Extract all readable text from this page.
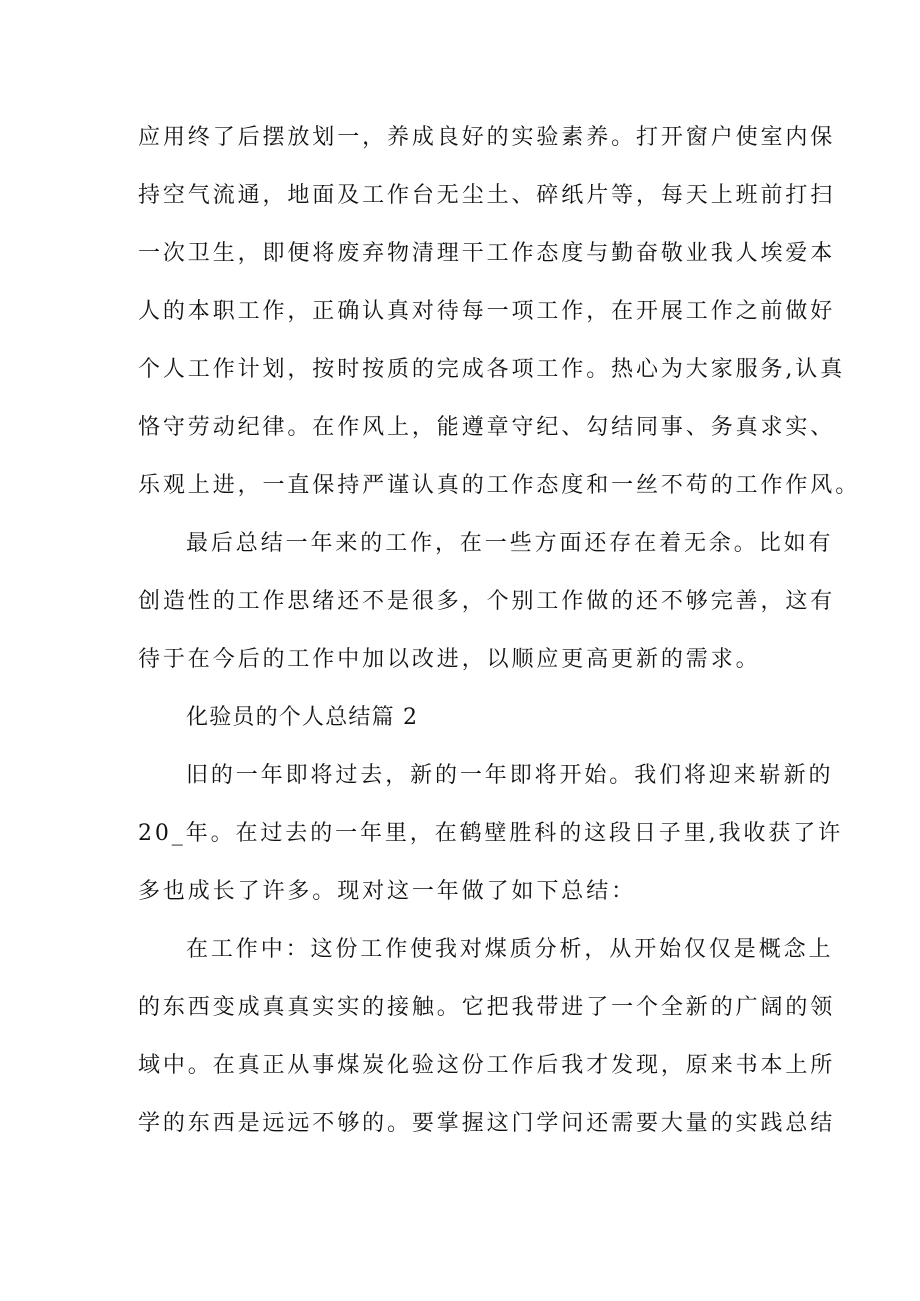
应用终了后摆放划一，养成良好的实验素养。打开窗户使室内保
持空气流通，地面及工作台无尘土、碎纸片等，每天上班前打扫
一次卫生，即便将废弃物清理干工作态度与勤奋敬业我人埃爱本
人的本职工作，正确认真对待每一项工作，在开展工作之前做好
个人工作计划，按时按质的完成各项工作。热心为大家服务,认真
恪守劳动纪律。在作风上，能遵章守纪、勾结同事、务真求实、
乐观上进，一直保持严谨认真的工作态度和一丝不苟的工作作风。
最后总结一年来的工作，在一些方面还存在着无余。比如有
创造性的工作思绪还不是很多，个别工作做的还不够完善，这有
待于在今后的工作中加以改进，以顺应更高更新的需求。
化验员的个人总结篇 2
旧的一年即将过去，新的一年即将开始。我们将迎来崭新的
20_年。在过去的一年里，在鹤壁胜科的这段日子里,我收获了许
多也成长了许多。现对这一年做了如下总结：
在工作中：这份工作使我对煤质分析，从开始仅仅是概念上
的东西变成真真实实的接触。它把我带进了一个全新的广阔的领
域中。在真正从事煤炭化验这份工作后我才发现，原来书本上所
学的东西是远远不够的。要掌握这门学问还需要大量的实践总结
